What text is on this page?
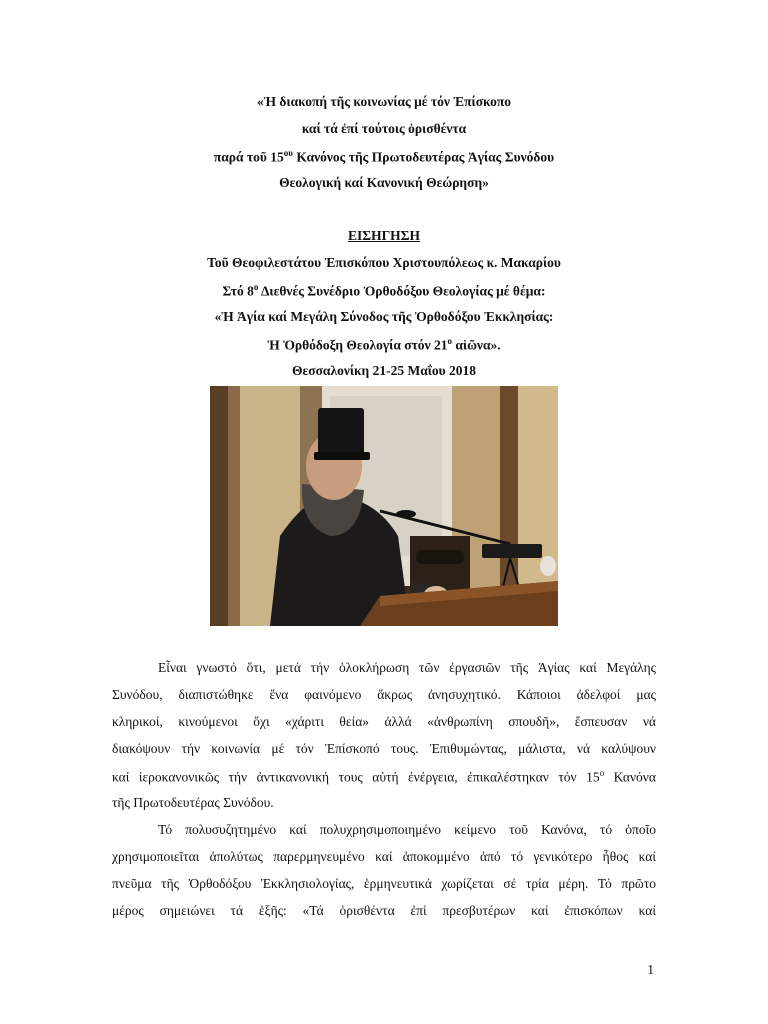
«Ἡ διακοπή τῆς κοινωνίας μέ τόν Ἐπίσκοπο
καί τά ἐπί τούτοις ὁρισθέντα
παρά τοῦ $15^{o\upsilon}$ Κανόνος τῆς Πρωτοδευτέρας Ἁγίας Συνόδου
Θεολογική καί Κανονική Θεώρηση»
ΕΙΣΗΓΗΣΗ
Τοῦ Θεοφιλεστάτου Ἐπισκόπου Χριστουπόλεως κ. Μακαρίου
Στό $8^o$ Διεθνές Συνέδριο Ὀρθοδόξου Θεολογίας μέ θέμα:
«Ἡ Ἁγία καί Μεγάλη Σύνοδος τῆς Ὀρθοδόξου Ἐκκλησίας:
Ἡ Ὀρθόδοξη Θεολογία στόν $21^o$ αἰῶνα».
Θεσσαλονίκη 21-25 Μαΐου 2018
Εἶναι γνωστό ὅτι, μετά τήν ὁλοκλήρωση τῶν ἐργασιῶν τῆς Ἁγίας καί Μεγάλης
Συνόδου, διαπιστώθηκε ἕνα φαινόμενο ἄκρως ἀνησυχητικό. Κάποιοι ἀδελφοί μας
κληρικοί, κινούμενοι ὄχι «χάριτι θεία» ἀλλά «ἀνθρωπίνη σπουδῆ», ἔσπευσαν νά
διακόψουν τήν κοινωνία μέ τόν Ἐπίσκοπό τους. Ἐπιθυμώντας, μάλιστα, νά καλύψουν
καί ἱεροκανονικῶς τήν ἀντικανονική τους αὐτή ἐνέργεια, ἐπικαλέστηκαν τόν $15^o$ Κανόνα
τῆς Πρωτοδευτέρας Συνόδου.
Τό πολυσυζητημένο καί πολυχρησιμοποιημένο κείμενο τοῦ Κανόνα, τό ὁποῖο
χρησιμοποιεῖται ἀπολύτως παρερμηνευμένο καί ἀποκομμένο ἀπό τό γενικότερο ἦθος καί
πνεῦμα τῆς Ὀρθοδόξου Ἐκκλησιολογίας, ἑρμηνευτικά χωρίζεται σέ τρία μέρη. Τό πρῶτο
μέρος σημειώνει τά ἑξῆς: «Τά ὁρισθέντα ἐπί πρεσβυτέρων καί ἐπισκόπων καί
1
